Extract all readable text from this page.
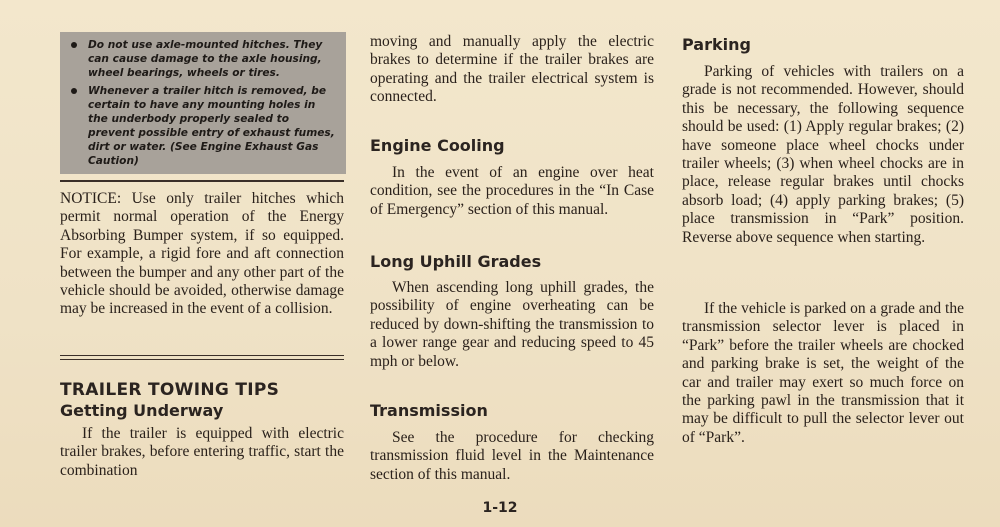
Do not use axle-mounted hitches. They can cause damage to the axle housing, wheel bearings, wheels or tires.
Whenever a trailer hitch is removed, be certain to have any mounting holes in the underbody properly sealed to prevent possible entry of exhaust fumes, dirt or water. (See Engine Exhaust Gas Caution)

NOTICE: Use only trailer hitches which permit normal operation of the Energy Absorbing Bumper system, if so equipped. For example, a rigid fore and aft connection between the bumper and any other part of the vehicle should be avoided, otherwise damage may be increased in the event of a collision.

TRAILER TOWING TIPS
Getting Underway

If the trailer is equipped with electric trailer brakes, before entering traffic, start the combination

moving and manually apply the electric brakes to determine if the trailer brakes are operating and the trailer electrical system is connected.

Engine Cooling

In the event of an engine over heat condition, see the procedures in the “In Case of Emergency” section of this manual.

Long Uphill Grades

When ascending long uphill grades, the possibility of engine overheating can be reduced by down-shifting the transmission to a lower range gear and reducing speed to 45 mph or below.

Transmission

See the procedure for checking transmission fluid level in the Maintenance section of this manual.

Parking

Parking of vehicles with trailers on a grade is not recommended. However, should this be necessary, the following sequence should be used: (1) Apply regular brakes; (2) have someone place wheel chocks under trailer wheels; (3) when wheel chocks are in place, release regular brakes until chocks absorb load; (4) apply parking brakes; (5) place transmission in “Park” position. Reverse above sequence when starting.

If the vehicle is parked on a grade and the transmission selector lever is placed in “Park” before the trailer wheels are chocked and parking brake is set, the weight of the car and trailer may exert so much force on the parking pawl in the transmission that it may be difficult to pull the selector lever out of “Park”.

1-12
